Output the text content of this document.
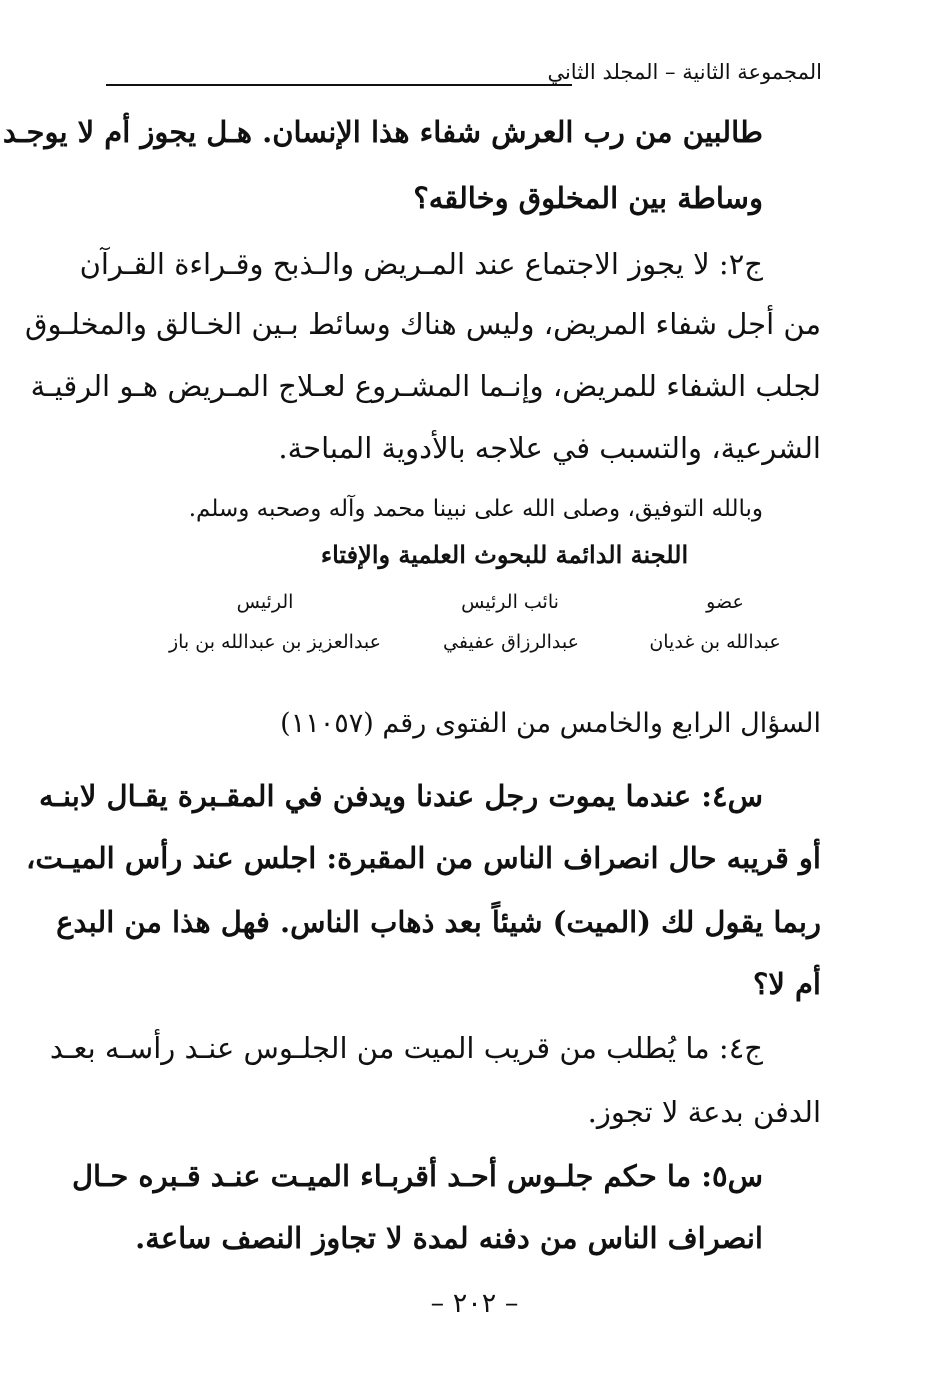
المجموعة الثانية – المجلد الثاني
طالبين من رب العرش شفاء هذا الإنسان. هـل يجوز أم لا يوجـد
وساطة بين المخلوق وخالقه؟
ج٢: لا يجوز الاجتماع عند المـريض والـذبح وقـراءة القـرآن
من أجل شفاء المريض، وليس هناك وسائط بـين الخـالق والمخلـوق
لجلب الشفاء للمريض، وإنـما المشـروع لعـلاج المـريض هـو الرقيـة
الشرعية، والتسبب في علاجه بالأدوية المباحة.
وبالله التوفيق، وصلى الله على نبينا محمد وآله وصحبه وسلم.
اللجنة الدائمة للبحوث العلمية والإفتاء
عضو
نائب الرئيس
الرئيس
عبدالله بن غديان
عبدالرزاق عفيفي
عبدالعزيز بن عبدالله بن باز
السؤال الرابع والخامس من الفتوى رقم (١١٠٥٧)
س٤: عندما يموت رجل عندنا ويدفن في المقـبرة يقـال لابنـه
أو قريبه حال انصراف الناس من المقبرة: اجلس عند رأس الميـت،
ربما يقول لك (الميت) شيئاً بعد ذهاب الناس. فهل هذا من البدع
أم لا؟
ج٤: ما يُطلب من قريب الميت من الجلـوس عنـد رأسـه بعـد
الدفن بدعة لا تجوز.
س٥: ما حكم جلـوس أحـد أقربـاء الميـت عنـد قـبره حـال
انصراف الناس من دفنه لمدة لا تجاوز النصف ساعة.
– ٢٠٢ –
